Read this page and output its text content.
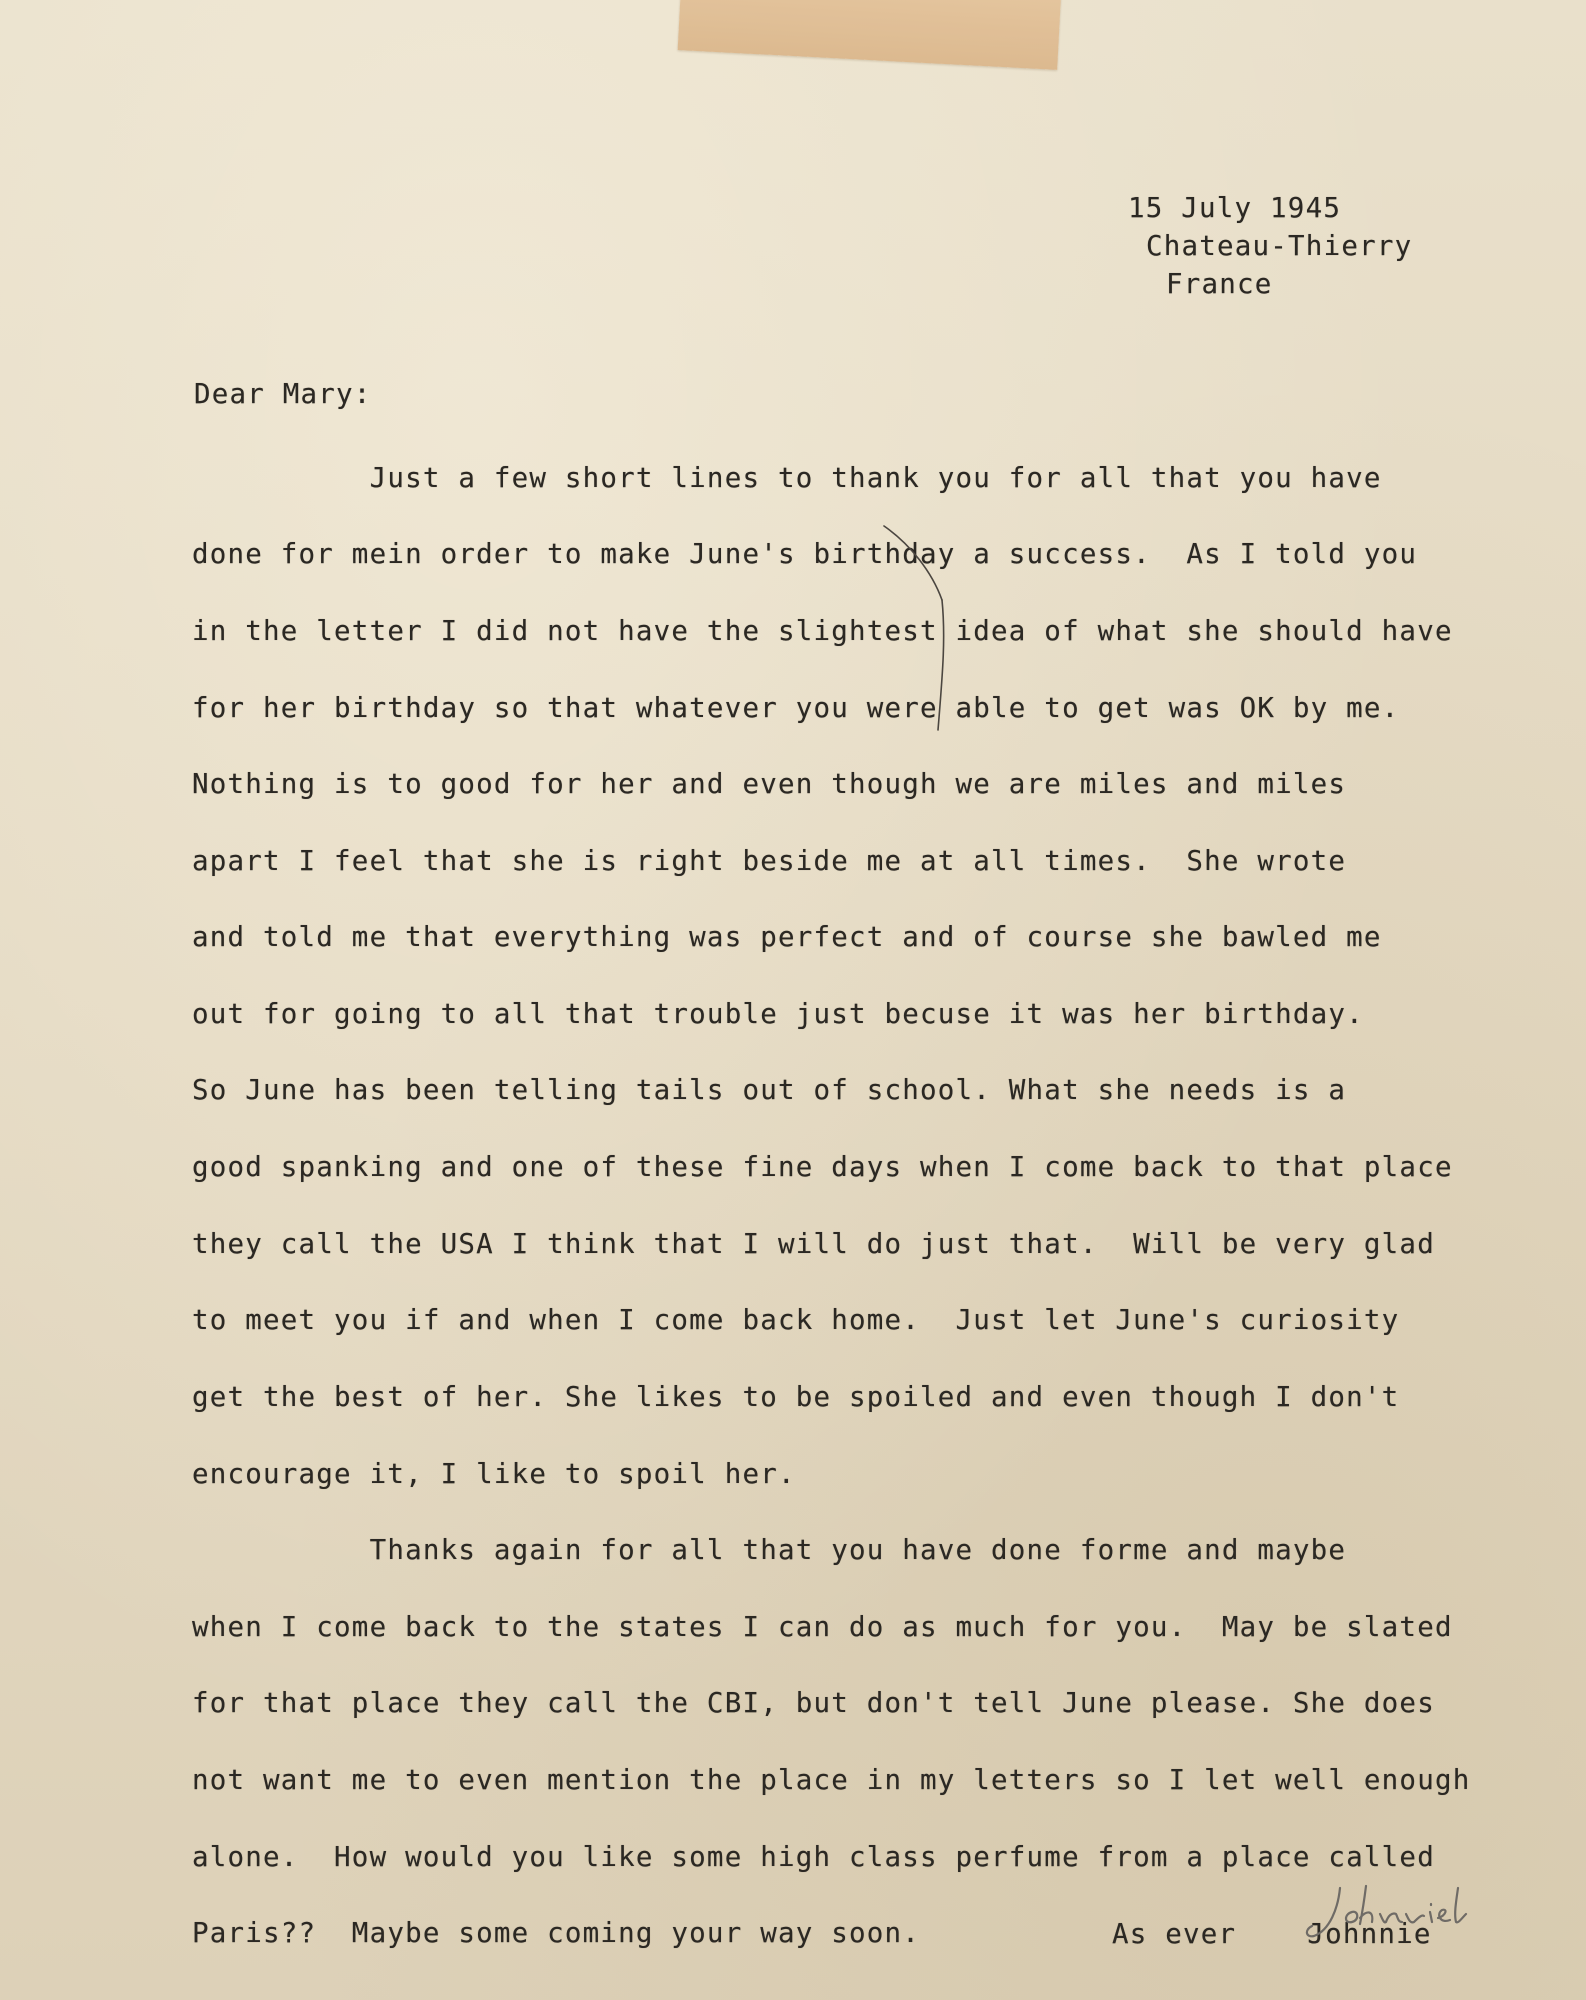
15 July 1945
Chateau-Thierry
France
Dear Mary:
Just a few short lines to thank you for all that you have
done for mein order to make June's birthday a success.  As I told you
in the letter I did not have the slightest idea of what she should have
for her birthday so that whatever you were able to get was OK by me.
Nothing is to good for her and even though we are miles and miles
apart I feel that she is right beside me at all times.  She wrote
and told me that everything was perfect and of course she bawled me
out for going to all that trouble just becuse it was her birthday.
So June has been telling tails out of school. What she needs is a
good spanking and one of these fine days when I come back to that place
they call the USA I think that I will do just that.  Will be very glad
to meet you if and when I come back home.  Just let June's curiosity
get the best of her. She likes to be spoiled and even though I don't
encourage it, I like to spoil her.
Thanks again for all that you have done forme and maybe
when I come back to the states I can do as much for you.  May be slated
for that place they call the CBI, but don't tell June please. She does
not want me to even mention the place in my letters so I let well enough
alone.  How would you like some high class perfume from a place called
Paris??  Maybe some coming your way soon.	As ever	Johnnie
